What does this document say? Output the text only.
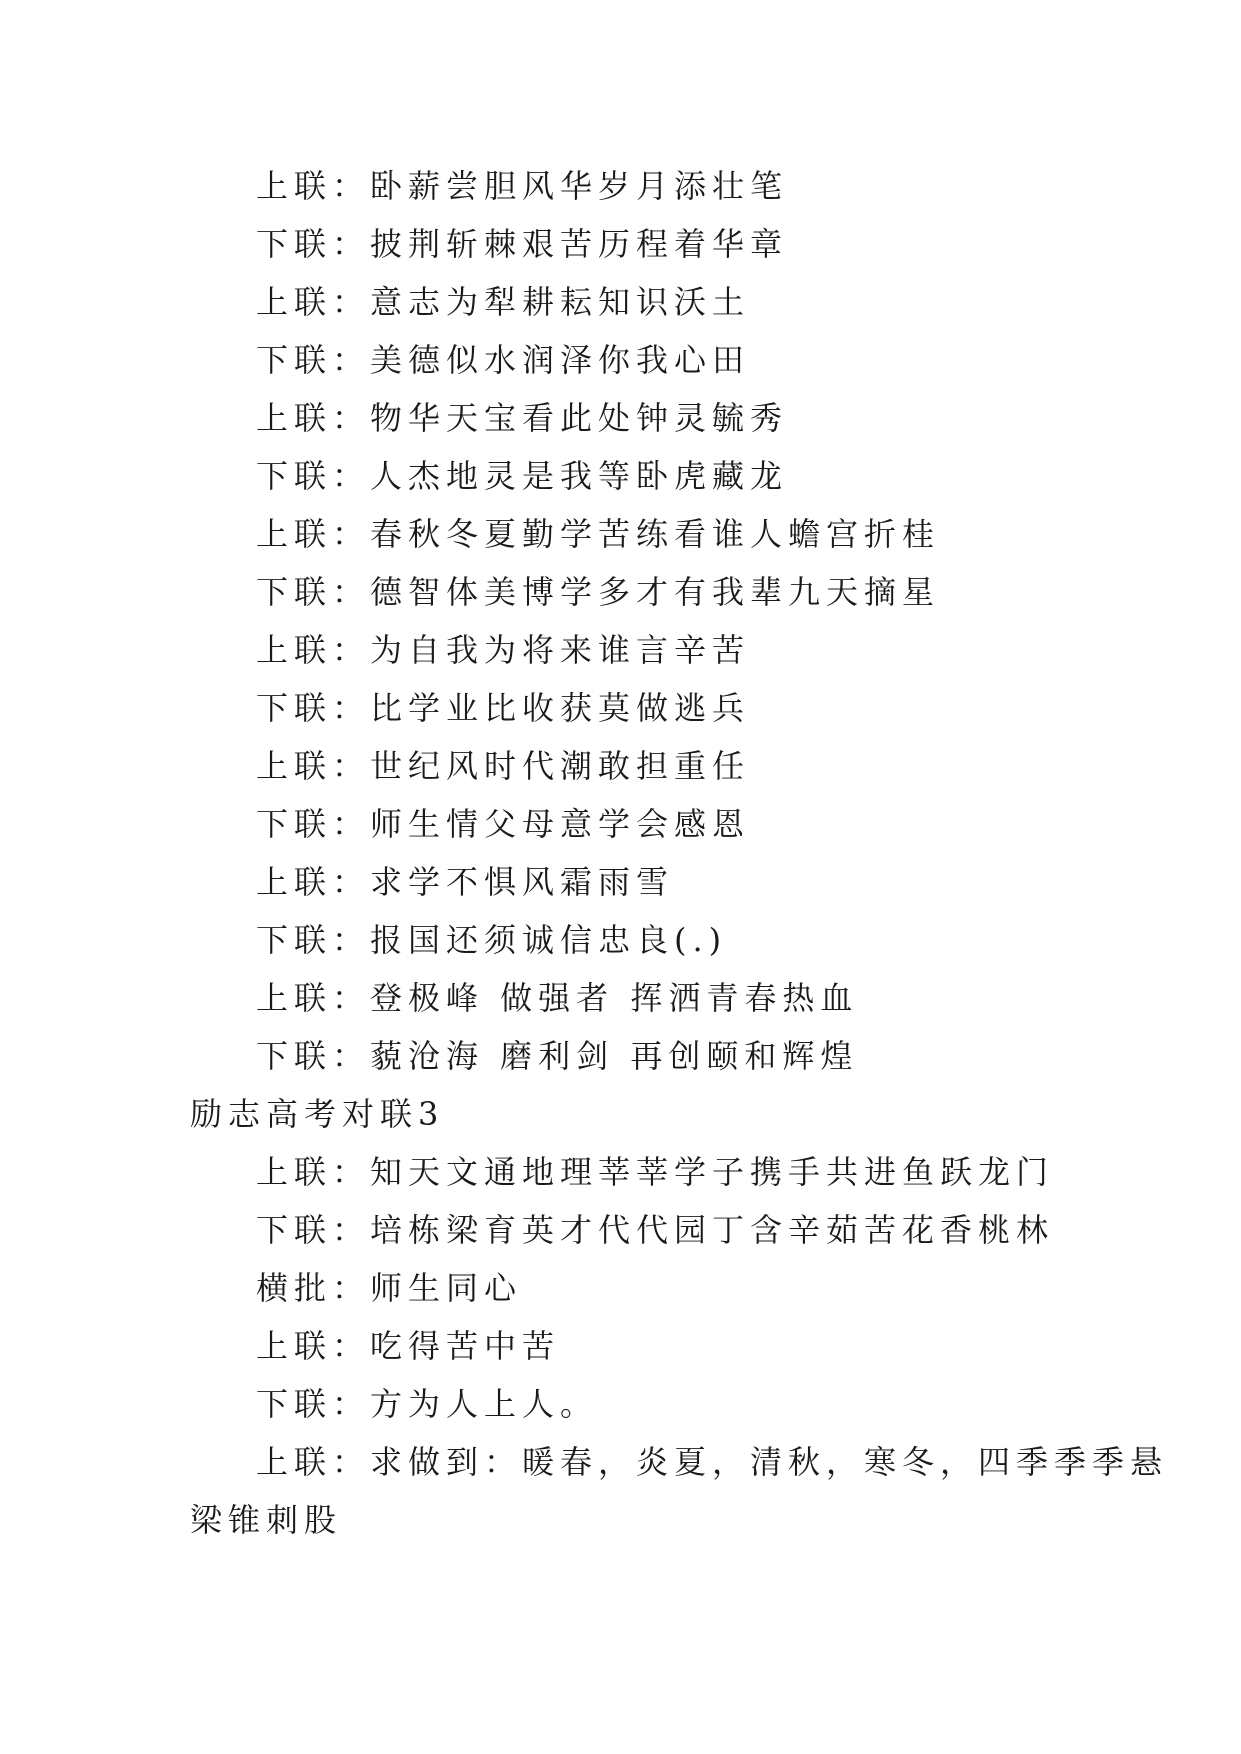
上联：卧薪尝胆风华岁月添壮笔
下联：披荆斩棘艰苦历程着华章
上联：意志为犁耕耘知识沃土
下联：美德似水润泽你我心田
上联：物华天宝看此处钟灵毓秀
下联：人杰地灵是我等卧虎藏龙
上联：春秋冬夏勤学苦练看谁人蟾宫折桂
下联：德智体美博学多才有我辈九天摘星
上联：为自我为将来谁言辛苦
下联：比学业比收获莫做逃兵
上联：世纪风时代潮敢担重任
下联：师生情父母意学会感恩
上联：求学不惧风霜雨雪
下联：报国还须诚信忠良(.)
上联：登极峰 做强者 挥洒青春热血
下联：藐沧海 磨利剑 再创颐和辉煌
励志高考对联3
上联：知天文通地理莘莘学子携手共进鱼跃龙门
下联：培栋梁育英才代代园丁含辛茹苦花香桃林
横批：师生同心
上联：吃得苦中苦
下联：方为人上人。
上联：求做到：暖春，炎夏，清秋，寒冬，四季季季悬
梁锥刺股
